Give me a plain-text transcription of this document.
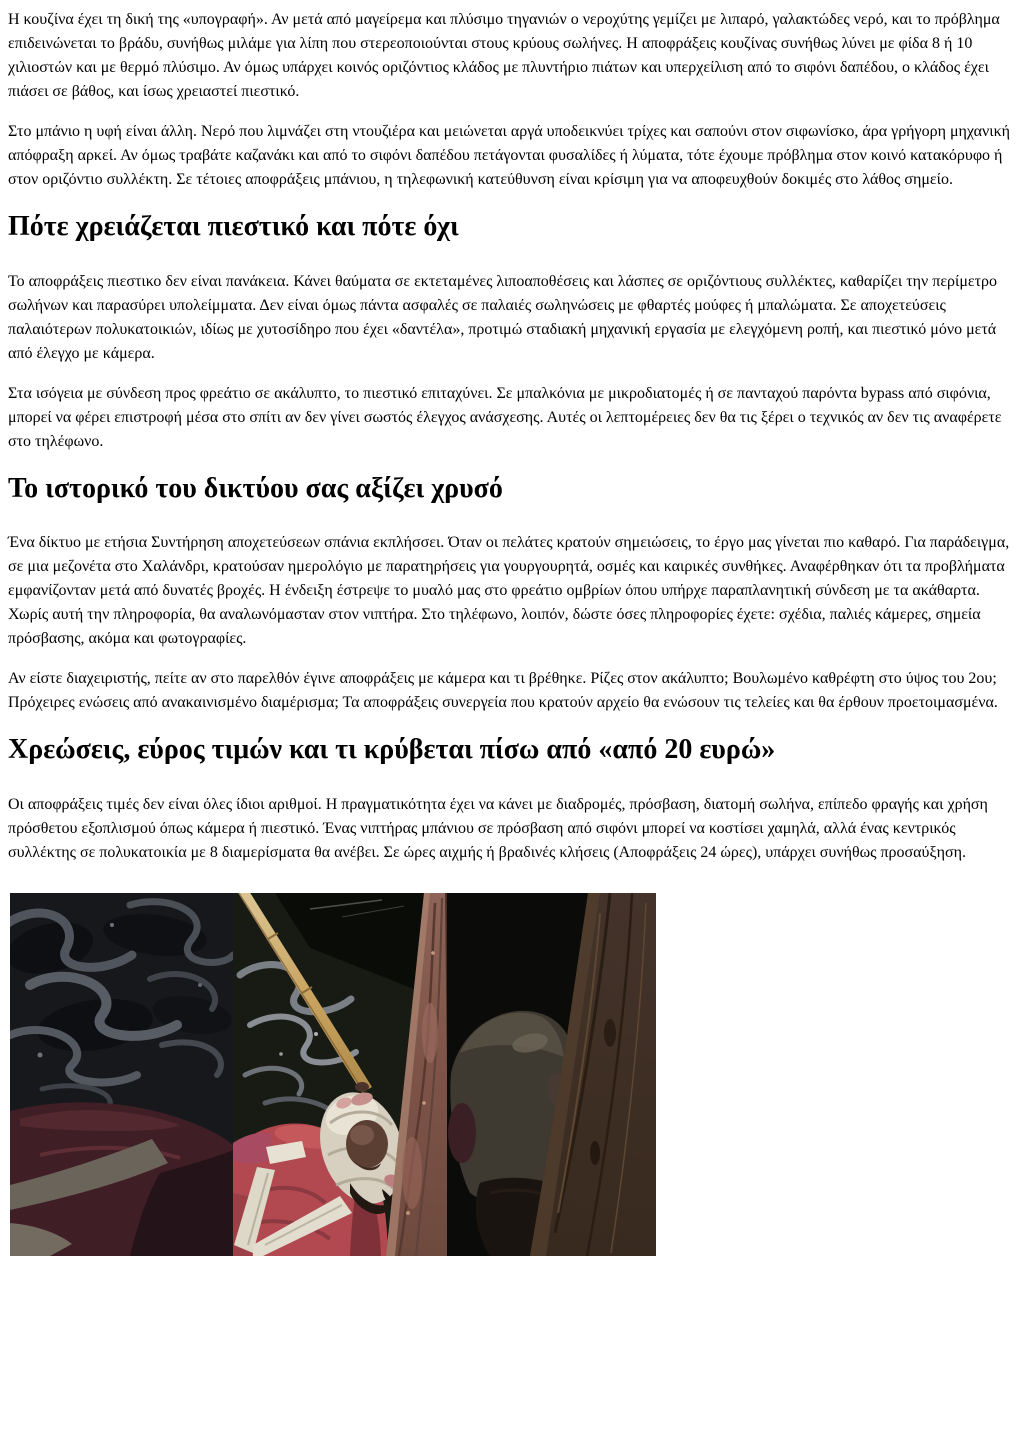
Η κουζίνα έχει τη δική της «υπογραφή». Αν μετά από μαγείρεμα και πλύσιμο τηγανιών ο νεροχύτης γεμίζει με λιπαρό, γαλακτώδες νερό, και το πρόβλημα επιδεινώνεται το βράδυ, συνήθως μιλάμε για λίπη που στερεοποιούνται στους κρύους σωλήνες. Η αποφράξεις κουζίνας συνήθως λύνει με φίδα 8 ή 10 χιλιοστών και με θερμό πλύσιμο. Αν όμως υπάρχει κοινός οριζόντιος κλάδος με πλυντήριο πιάτων και υπερχείλιση από το σιφόνι δαπέδου, ο κλάδος έχει πιάσει σε βάθος, και ίσως χρειαστεί πιεστικό.

Στο μπάνιο η υφή είναι άλλη. Νερό που λιμνάζει στη ντουζιέρα και μειώνεται αργά υποδεικνύει τρίχες και σαπούνι στον σιφωνίσκο, άρα γρήγορη μηχανική απόφραξη αρκεί. Αν όμως τραβάτε καζανάκι και από το σιφόνι δαπέδου πετάγονται φυσαλίδες ή λύματα, τότε έχουμε πρόβλημα στον κοινό κατακόρυφο ή στον οριζόντιο συλλέκτη. Σε τέτοιες αποφράξεις μπάνιου, η τηλεφωνική κατεύθυνση είναι κρίσιμη για να αποφευχθούν δοκιμές στο λάθος σημείο.

Πότε χρειάζεται πιεστικό και πότε όχι

Το αποφράξεις πιεστικο δεν είναι πανάκεια. Κάνει θαύματα σε εκτεταμένες λιποαποθέσεις και λάσπες σε οριζόντιους συλλέκτες, καθαρίζει την περίμετρο σωλήνων και παρασύρει υπολείμματα. Δεν είναι όμως πάντα ασφαλές σε παλαιές σωληνώσεις με φθαρτές μούφες ή μπαλώματα. Σε αποχετεύσεις παλαιότερων πολυκατοικιών, ιδίως με χυτοσίδηρο που έχει «δαντέλα», προτιμώ σταδιακή μηχανική εργασία με ελεγχόμενη ροπή, και πιεστικό μόνο μετά από έλεγχο με κάμερα.

Στα ισόγεια με σύνδεση προς φρεάτιο σε ακάλυπτο, το πιεστικό επιταχύνει. Σε μπαλκόνια με μικροδιατομές ή σε πανταχού παρόντα bypass από σιφόνια, μπορεί να φέρει επιστροφή μέσα στο σπίτι αν δεν γίνει σωστός έλεγχος ανάσχεσης. Αυτές οι λεπτομέρειες δεν θα τις ξέρει ο τεχνικός αν δεν τις αναφέρετε στο τηλέφωνο.

Το ιστορικό του δικτύου σας αξίζει χρυσό

Ένα δίκτυο με ετήσια Συντήρηση αποχετεύσεων σπάνια εκπλήσσει. Όταν οι πελάτες κρατούν σημειώσεις, το έργο μας γίνεται πιο καθαρό. Για παράδειγμα, σε μια μεζονέτα στο Χαλάνδρι, κρατούσαν ημερολόγιο με παρατηρήσεις για γουργουρητά, οσμές και καιρικές συνθήκες. Αναφέρθηκαν ότι τα προβλήματα εμφανίζονταν μετά από δυνατές βροχές. Η ένδειξη έστρεψε το μυαλό μας στο φρεάτιο ομβρίων όπου υπήρχε παραπλανητική σύνδεση με τα ακάθαρτα. Χωρίς αυτή την πληροφορία, θα αναλωνόμασταν στον νιπτήρα. Στο τηλέφωνο, λοιπόν, δώστε όσες πληροφορίες έχετε: σχέδια, παλιές κάμερες, σημεία πρόσβασης, ακόμα και φωτογραφίες.

Αν είστε διαχειριστής, πείτε αν στο παρελθόν έγινε αποφράξεις με κάμερα και τι βρέθηκε. Ρίζες στον ακάλυπτο; Βουλωμένο καθρέφτη στο ύψος του 2ου; Πρόχειρες ενώσεις από ανακαινισμένο διαμέρισμα; Τα αποφράξεις συνεργεία που κρατούν αρχείο θα ενώσουν τις τελείες και θα έρθουν προετοιμασμένα.

Χρεώσεις, εύρος τιμών και τι κρύβεται πίσω από «από 20 ευρώ»

Οι αποφράξεις τιμές δεν είναι όλες ίδιοι αριθμοί. Η πραγματικότητα έχει να κάνει με διαδρομές, πρόσβαση, διατομή σωλήνα, επίπεδο φραγής και χρήση πρόσθετου εξοπλισμού όπως κάμερα ή πιεστικό. Ένας νιπτήρας μπάνιου σε πρόσβαση από σιφόνι μπορεί να κοστίσει χαμηλά, αλλά ένας κεντρικός συλλέκτης σε πολυκατοικία με 8 διαμερίσματα θα ανέβει. Σε ώρες αιχμής ή βραδινές κλήσεις (Αποφράξεις 24 ώρες), υπάρχει συνήθως προσαύξηση.
